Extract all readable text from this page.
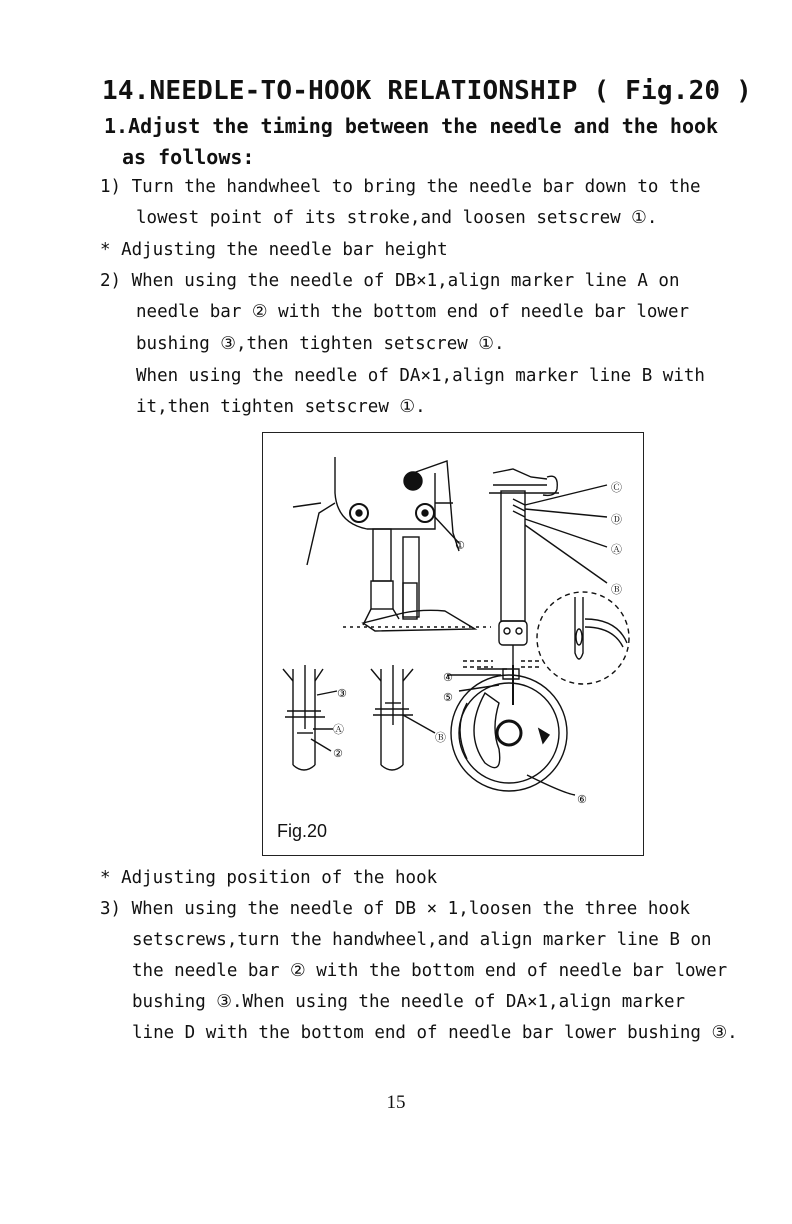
14.NEEDLE-TO-HOOK RELATIONSHIP ( Fig.20 )
1.Adjust the timing between the needle and the hook
as follows:
1) Turn the handwheel to bring the needle bar down to the
lowest point of its stroke,and loosen setscrew ①.
* Adjusting the needle bar height
2) When using the needle of DB×1,align marker line A on
needle bar ② with the bottom end of needle bar lower
bushing ③,then tighten setscrew ①.
When using the needle of DA×1,align marker line B with
it,then tighten setscrew ①.
Ⓒ
Ⓓ
Ⓐ
Ⓑ
①
③
Ⓐ
②
Ⓑ
④
⑤
⑥
Fig.20
* Adjusting position of the hook
3) When using the needle of DB × 1,loosen the three hook
setscrews,turn the handwheel,and align marker line B on
the needle bar ② with the bottom end of needle bar lower
bushing ③.When using the needle of DA×1,align marker
line D with the bottom end of needle bar lower bushing ③.
15
